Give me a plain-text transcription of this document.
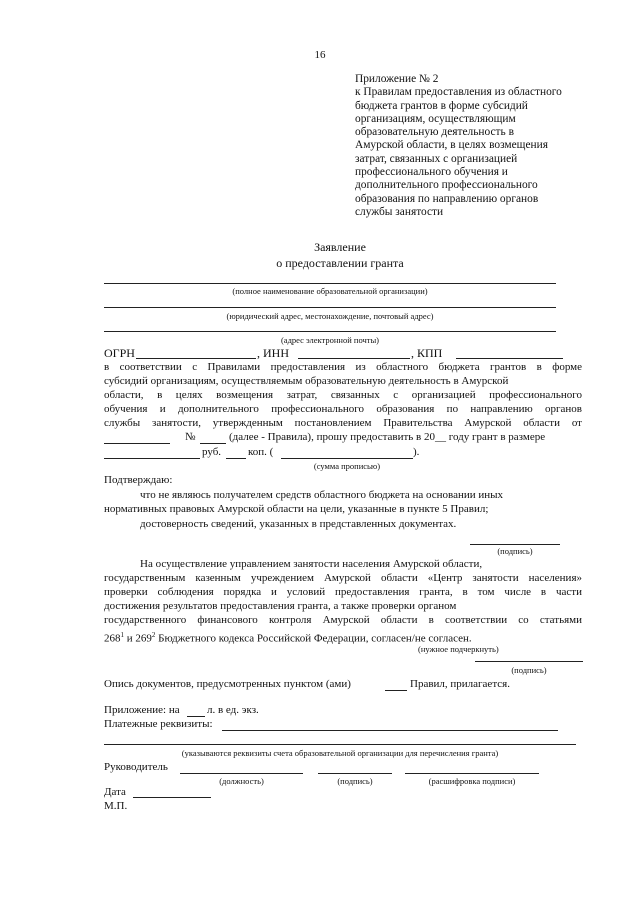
16
Приложение № 2
к Правилам предоставления из областного
бюджета грантов в форме субсидий
организациям, осуществляющим
образовательную деятельность в
Амурской области, в целях возмещения
затрат, связанных с организацией
профессионального обучения и
дополнительного профессионального
образования по направлению органов
службы занятости
Заявление
о предоставлении гранта
(полное наименование образовательной организации)
(юридический адрес, местонахождение, почтовый адрес)
(адрес электронной почты)
ОГРН	, ИНН	, КПП
в соответствии с Правилами предоставления из областного бюджета грантов в форме
субсидий организациям, осуществляемым образовательную деятельность в Амурской
области, в целях возмещения затрат, связанных с организацией профессионального
обучения и дополнительного профессионального образования по направлению органов
службы занятости, утвержденным постановлением Правительства Амурской области от
№	(далее - Правила), прошу предоставить в 20__ году грант в размере
руб. коп. (	).
(сумма прописью)
Подтверждаю:
что не являюсь получателем средств областного бюджета на основании иных
нормативных правовых Амурской области на цели, указанные в пункте 5 Правил;
достоверность сведений, указанных в представленных документах.
(подпись)
На осуществление управлением занятости населения Амурской области,
государственным казенным учреждением Амурской области «Центр занятости населения»
проверки соблюдения порядка и условий предоставления гранта, в том числе в части
достижения результатов предоставления гранта, а также проверки органом
государственного финансового контроля Амурской области в соответствии со статьями
$268^1$ и $269^2$ Бюджетного кодекса Российской Федерации, согласен/не согласен.
(нужное подчеркнуть)
(подпись)
Опись документов, предусмотренных пунктом (ами)	Правил, прилагается.
Приложение: на л. в ед. экз.
Платежные реквизиты:
(указываются реквизиты счета образовательной организации для перечисления гранта)
Руководитель
(должность)	(подпись)	(расшифровка подписи)
Дата
М.П.
